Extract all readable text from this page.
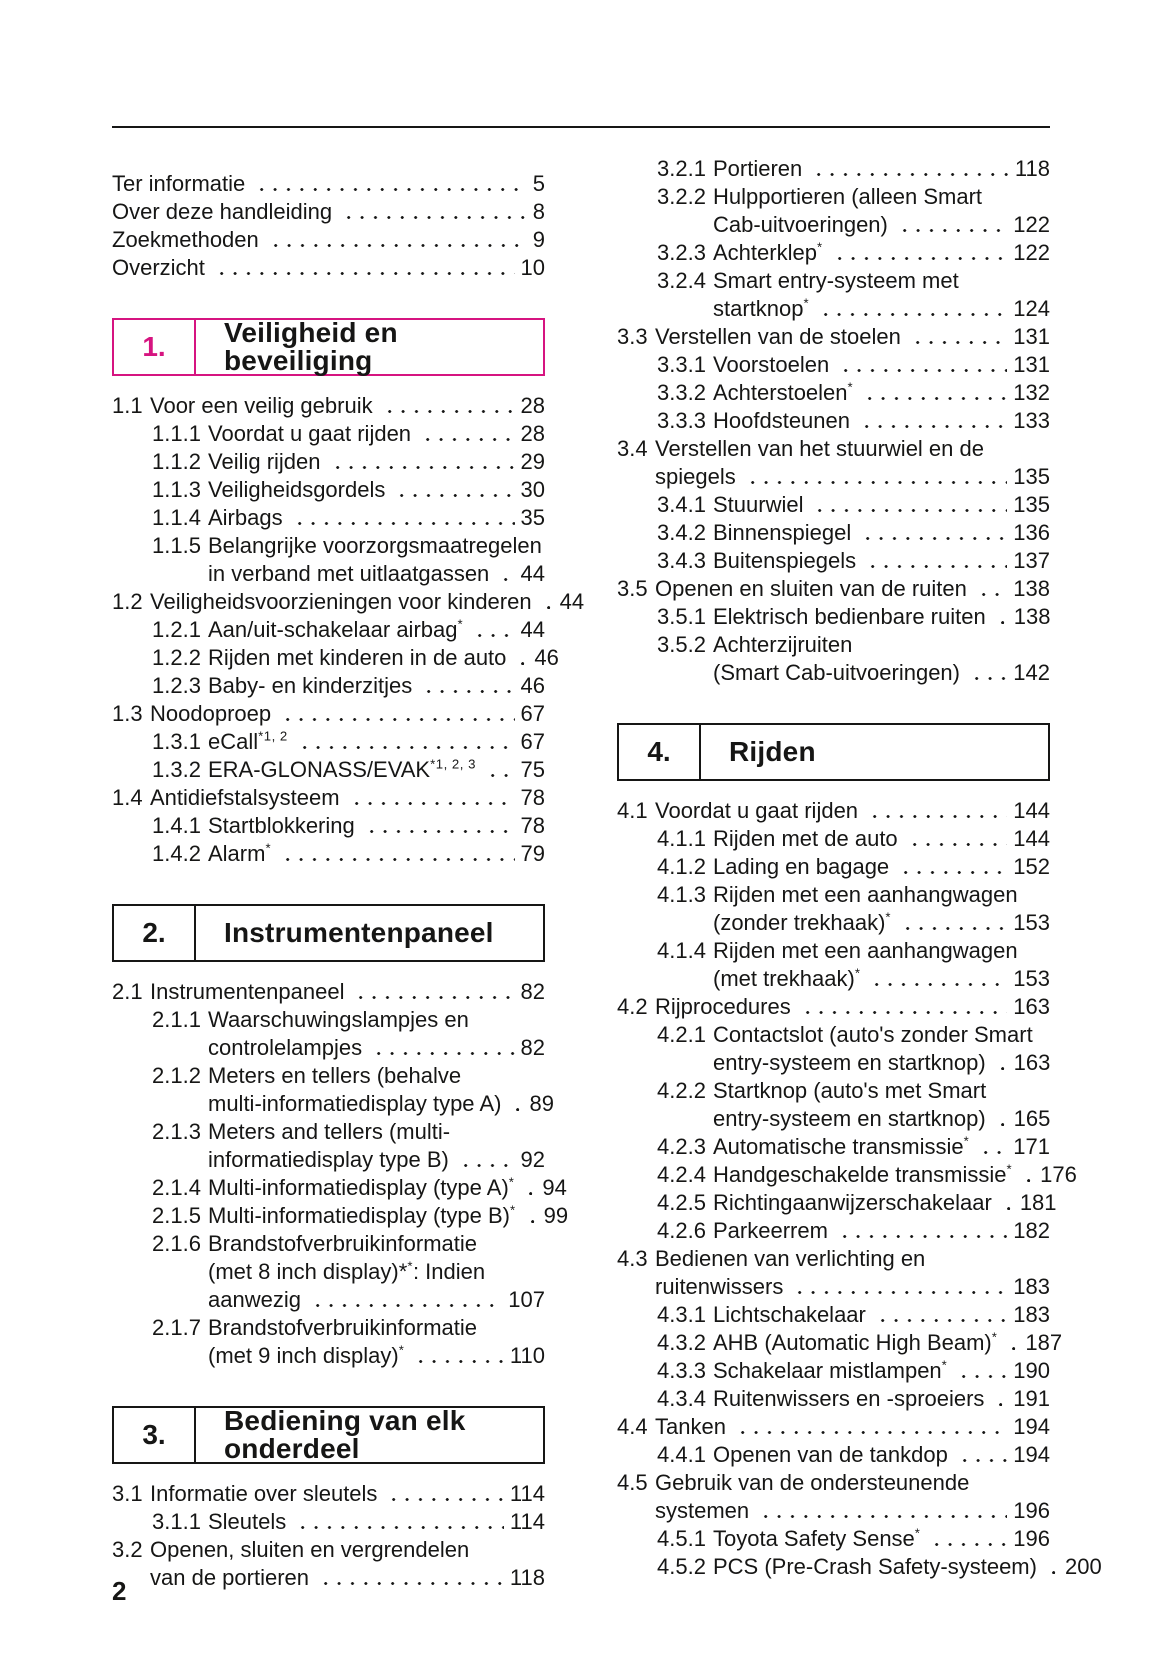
Ter informatie	5
Over deze handleiding	8
Zoekmethoden	9
Overzicht	10
1.	Veiligheid en beveiliging
1.1 Voor een veilig gebruik	28
1.1.1 Voordat u gaat rijden	28
1.1.2 Veilig rijden	29
1.1.3 Veiligheidsgordels	30
1.1.4 Airbags	35
1.1.5 Belangrijke voorzorgsmaatregelen
in verband met uitlaatgassen 44
1.2 Veiligheidsvoorzieningen voor kinderen 44
1.2.1 Aan/uit-schakelaar airbag*	44
1.2.2 Rijden met kinderen in de auto 46
1.2.3 Baby- en kinderzitjes	46
1.3 Noodoproep	67
1.3.1 eCall$^{*1, 2}$	67
1.3.2 ERA-GLONASS/EVAK$^{*1, 2, 3}$ 75
1.4 Antidiefstalsysteem	78
1.4.1 Startblokkering	78
1.4.2 Alarm*	79
2.	Instrumentenpaneel
2.1 Instrumentenpaneel	82
2.1.1 Waarschuwingslampjes en
controlelampjes	82
2.1.2 Meters en tellers (behalve
multi-informatiedisplay type A) 89
2.1.3 Meters and tellers (multi-
informatiedisplay type B)	92
2.1.4 Multi-informatiedisplay (type A)* 94
2.1.5 Multi-informatiedisplay (type B)* 99
2.1.6 Brandstofverbruikinformatie
(met 8 inch display)**: Indien
aanwezig	107
2.1.7 Brandstofverbruikinformatie
(met 9 inch display)*	110
3.	Bediening van elk onderdeel
3.1 Informatie over sleutels	114
3.1.1 Sleutels	114
3.2 Openen, sluiten en vergrendelen
van de portieren	118
3.2.1 Portieren	118
3.2.2 Hulpportieren (alleen Smart
Cab-uitvoeringen)	122
3.2.3 Achterklep*	122
3.2.4 Smart entry-systeem met
startknop*	124
3.3 Verstellen van de stoelen	131
3.3.1 Voorstoelen	131
3.3.2 Achterstoelen*	132
3.3.3 Hoofdsteunen	133
3.4 Verstellen van het stuurwiel en de
spiegels	135
3.4.1 Stuurwiel	135
3.4.2 Binnenspiegel	136
3.4.3 Buitenspiegels	137
3.5 Openen en sluiten van de ruiten 138
3.5.1 Elektrisch bedienbare ruiten 138
3.5.2 Achterzijruiten
(Smart Cab-uitvoeringen) 142
4.	Rijden
4.1 Voordat u gaat rijden	144
4.1.1 Rijden met de auto	144
4.1.2 Lading en bagage	152
4.1.3 Rijden met een aanhangwagen
(zonder trekhaak)*	153
4.1.4 Rijden met een aanhangwagen
(met trekhaak)*	153
4.2 Rijprocedures	163
4.2.1 Contactslot (auto's zonder Smart
entry-systeem en startknop) 163
4.2.2 Startknop (auto's met Smart
entry-systeem en startknop) 165
4.2.3 Automatische transmissie* 171
4.2.4 Handgeschakelde transmissie* 176
4.2.5 Richtingaanwijzerschakelaar 181
4.2.6 Parkeerrem	182
4.3 Bedienen van verlichting en
ruitenwissers	183
4.3.1 Lichtschakelaar	183
4.3.2 AHB (Automatic High Beam)* 187
4.3.3 Schakelaar mistlampen*	190
4.3.4 Ruitenwissers en -sproeiers 191
4.4 Tanken	194
4.4.1 Openen van de tankdop	194
4.5 Gebruik van de ondersteunende
systemen	196
4.5.1 Toyota Safety Sense*	196
4.5.2 PCS (Pre-Crash Safety-systeem) 200
2
